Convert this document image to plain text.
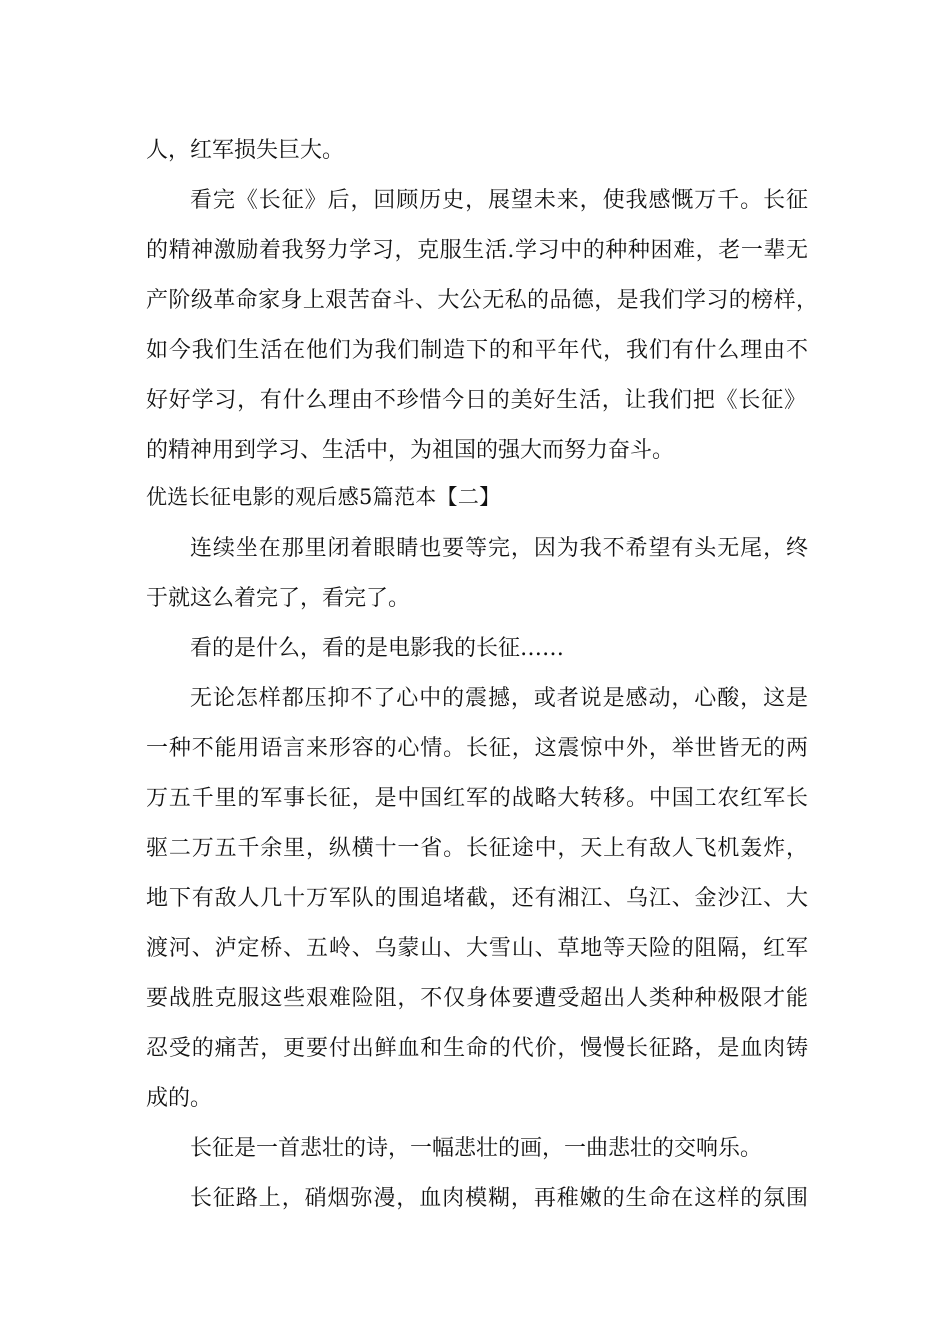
人，红军损失巨大。
看完《长征》后，回顾历史，展望未来，使我感慨万千。长征
的精神激励着我努力学习，克服生活.学习中的种种困难，老一辈无
产阶级革命家身上艰苦奋斗、大公无私的品德，是我们学习的榜样，
如今我们生活在他们为我们制造下的和平年代，我们有什么理由不
好好学习，有什么理由不珍惜今日的美好生活，让我们把《长征》
的精神用到学习、生活中，为祖国的强大而努力奋斗。
优选长征电影的观后感5篇范本【二】
连续坐在那里闭着眼睛也要等完，因为我不希望有头无尾，终
于就这么着完了，看完了。
看的是什么，看的是电影我的长征……
无论怎样都压抑不了心中的震撼，或者说是感动，心酸，这是
一种不能用语言来形容的心情。长征，这震惊中外，举世皆无的两
万五千里的军事长征，是中国红军的战略大转移。中国工农红军长
驱二万五千余里，纵横十一省。长征途中，天上有敌人飞机轰炸，
地下有敌人几十万军队的围追堵截，还有湘江、乌江、金沙江、大
渡河、泸定桥、五岭、乌蒙山、大雪山、草地等天险的阻隔，红军
要战胜克服这些艰难险阻，不仅身体要遭受超出人类种种极限才能
忍受的痛苦，更要付出鲜血和生命的代价，慢慢长征路，是血肉铸
成的。
长征是一首悲壮的诗，一幅悲壮的画，一曲悲壮的交响乐。
长征路上，硝烟弥漫，血肉模糊，再稚嫩的生命在这样的氛围
